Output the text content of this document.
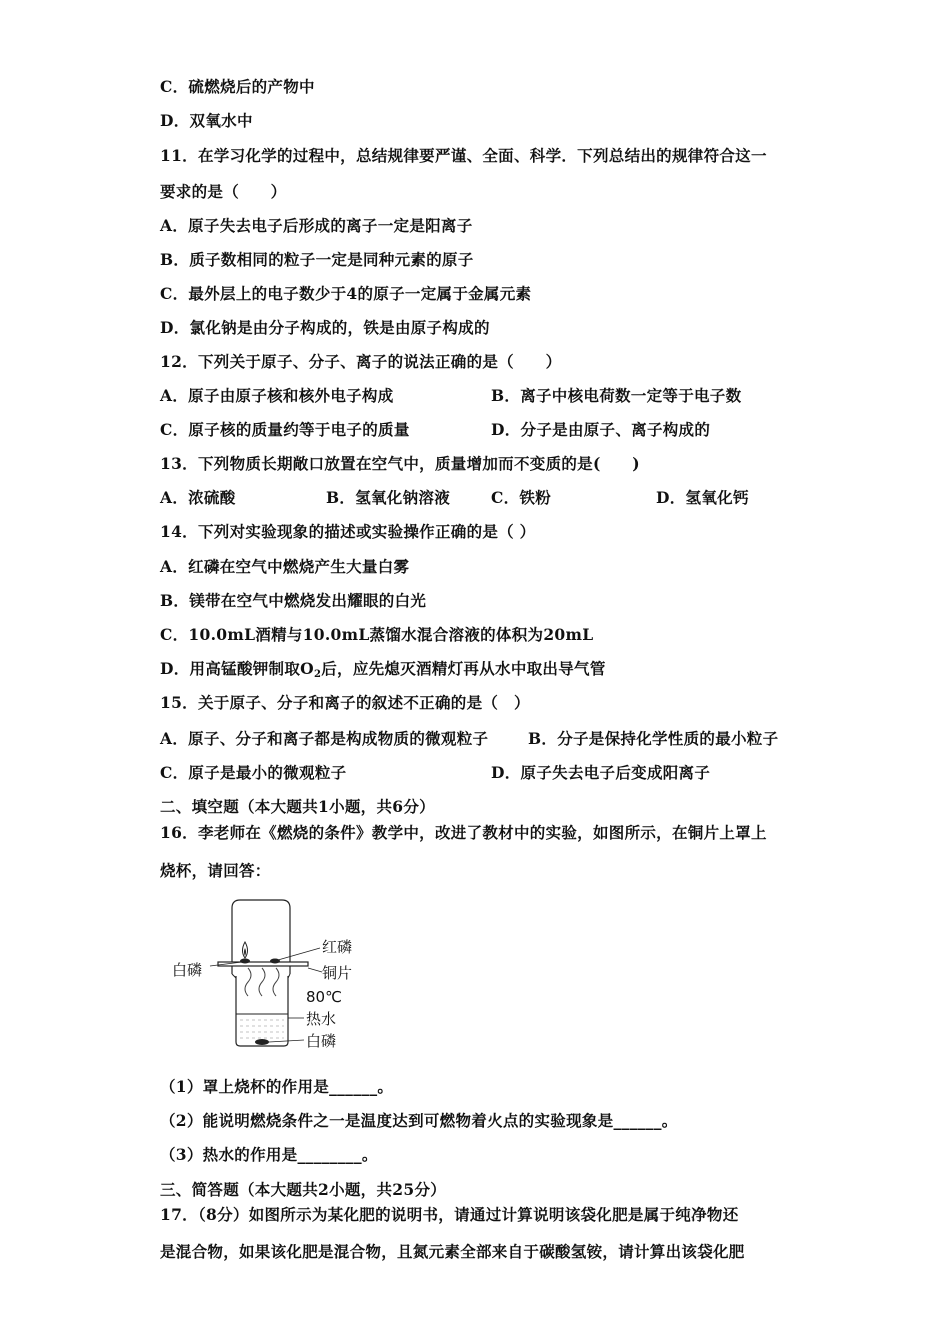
C．硫燃烧后的产物中
D．双氧水中
11．在学习化学的过程中，总结规律要严谨、全面、科学．下列总结出的规律符合这一
要求的是（　　）
A．原子失去电子后形成的离子一定是阳离子
B．质子数相同的粒子一定是同种元素的原子
C．最外层上的电子数少于4的原子一定属于金属元素
D．氯化钠是由分子构成的，铁是由原子构成的
12．下列关于原子、分子、离子的说法正确的是（　　）
A．原子由原子核和核外电子构成	B．离子中核电荷数一定等于电子数
C．原子核的质量约等于电子的质量	D．分子是由原子、离子构成的
13．下列物质长期敞口放置在空气中，质量增加而不变质的是(　　)
A．浓硫酸	B．氢氧化钠溶液	C．铁粉	D．氢氧化钙
14．下列对实验现象的描述或实验操作正确的是（ ）
A．红磷在空气中燃烧产生大量白雾
B．镁带在空气中燃烧发出耀眼的白光
C．10.0mL酒精与10.0mL蒸馏水混合溶液的体积为20mL
D．用高锰酸钾制取$O_2$后，应先熄灭酒精灯再从水中取出导气管
15．关于原子、分子和离子的叙述不正确的是（　）
A．原子、分子和离子都是构成物质的微观粒子	B．分子是保持化学性质的最小粒子
C．原子是最小的微观粒子	D．原子失去电子后变成阳离子
二、填空题（本大题共1小题，共6分）
16．李老师在《燃烧的条件》教学中，改进了教材中的实验，如图所示，在铜片上罩上
烧杯，请回答：
白磷
红磷
铜片
80℃
热水
白磷
（1）罩上烧杯的作用是______。
（2）能说明燃烧条件之一是温度达到可燃物着火点的实验现象是______。
（3）热水的作用是________。
三、简答题（本大题共2小题，共25分）
17．（8分）如图所示为某化肥的说明书，请通过计算说明该袋化肥是属于纯净物还
是混合物，如果该化肥是混合物，且氮元素全部来自于碳酸氢铵，请计算出该袋化肥
